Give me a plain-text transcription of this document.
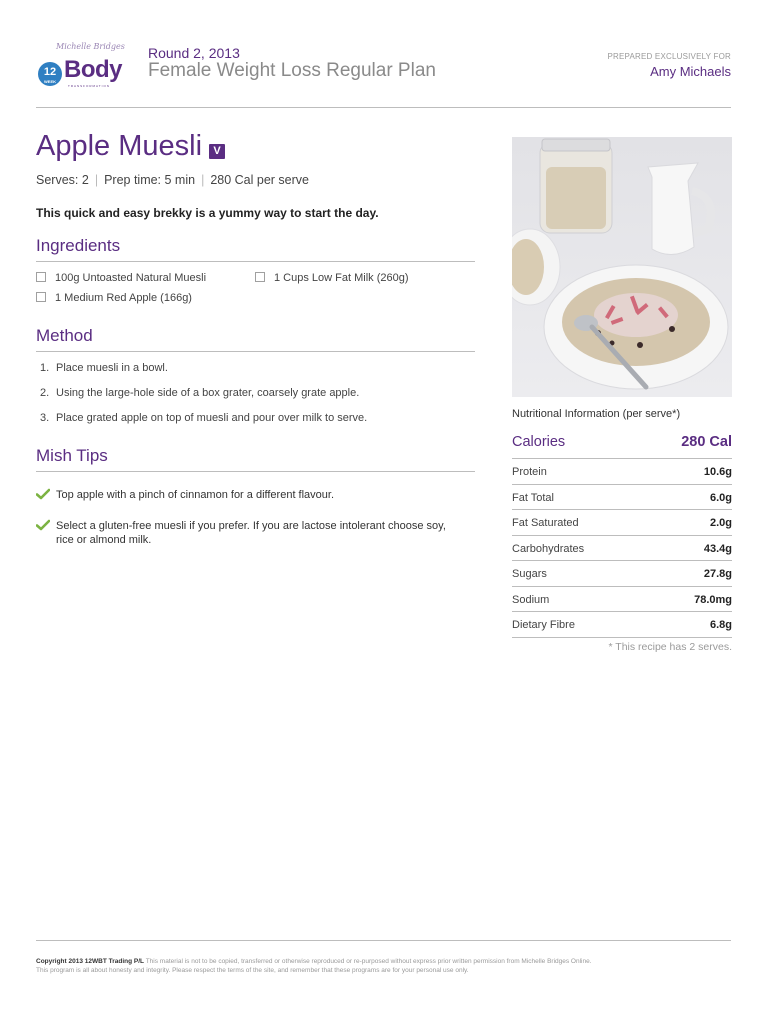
Michelle Bridges
12
WEEK Body
TRANSFORMATION
Round 2, 2013
Female Weight Loss Regular Plan
PREPARED EXCLUSIVELY FOR
Amy Michaels
Apple Muesli	V
Serves: 2 | Prep time: 5 min | 280 Cal per serve
This quick and easy brekky is a yummy way to start the day.
Ingredients
100g Untoasted Natural Muesli	1 Cups Low Fat Milk (260g)
1 Medium Red Apple (166g)
Method
1. Place muesli in a bowl.
2. Using the large-hole side of a box grater, coarsely grate apple.
3. Place grated apple on top of muesli and pour over milk to serve.
Mish Tips
Top apple with a pinch of cinnamon for a different flavour.
Select a gluten-free muesli if you prefer. If you are lactose intolerant choose soy, rice or almond milk.
Nutritional Information (per serve*)
Calories	280 Cal
Protein	10.6g
Fat Total	6.0g
Fat Saturated	2.0g
Carbohydrates	43.4g
Sugars	27.8g
Sodium	78.0mg
Dietary Fibre	6.8g
* This recipe has 2 serves.
Copyright 2013 12WBT Trading P/L This material is not to be copied, transferred or otherwise reproduced or re-purposed without express prior written permission from Michelle Bridges Online.
This program is all about honesty and integrity. Please respect the terms of the site, and remember that these programs are for your personal use only.
